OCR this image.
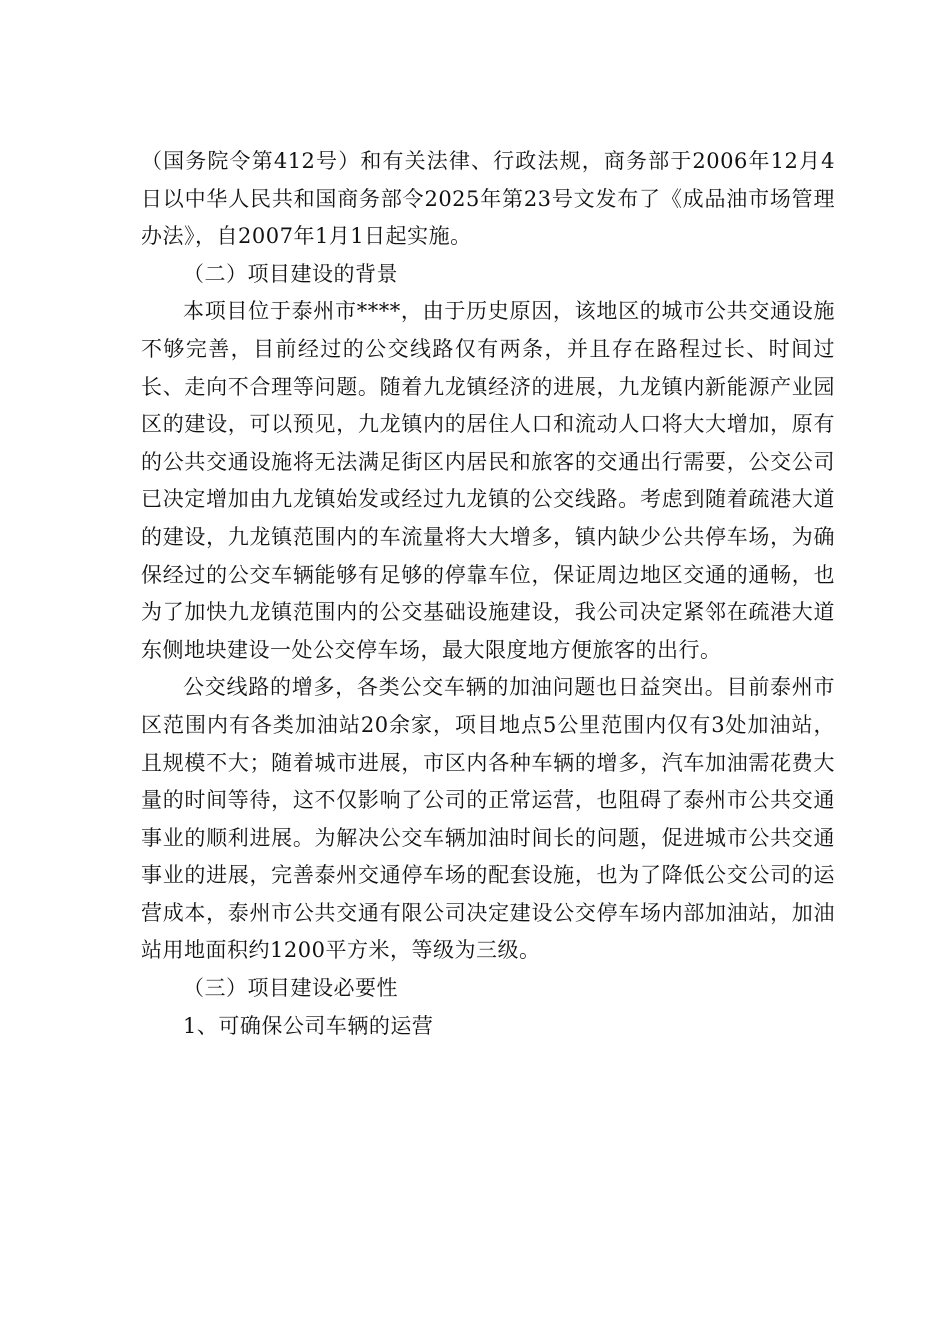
（国务院令第412号）和有关法律、行政法规，商务部于2006年12月4日以中华人民共和国商务部令2025年第23号文发布了《成品油市场管理办法》，自2007年1月1日起实施。

（二）项目建设的背景

本项目位于泰州市****，由于历史原因，该地区的城市公共交通设施不够完善，目前经过的公交线路仅有两条，并且存在路程过长、时间过长、走向不合理等问题。随着九龙镇经济的进展，九龙镇内新能源产业园区的建设，可以预见，九龙镇内的居住人口和流动人口将大大增加，原有的公共交通设施将无法满足街区内居民和旅客的交通出行需要，公交公司已决定增加由九龙镇始发或经过九龙镇的公交线路。考虑到随着疏港大道的建设，九龙镇范围内的车流量将大大增多，镇内缺少公共停车场，为确保经过的公交车辆能够有足够的停靠车位，保证周边地区交通的通畅，也为了加快九龙镇范围内的公交基础设施建设，我公司决定紧邻在疏港大道东侧地块建设一处公交停车场，最大限度地方便旅客的出行。

公交线路的增多，各类公交车辆的加油问题也日益突出。目前泰州市区范围内有各类加油站20余家，项目地点5公里范围内仅有3处加油站，且规模不大；随着城市进展，市区内各种车辆的增多，汽车加油需花费大量的时间等待，这不仅影响了公司的正常运营，也阻碍了泰州市公共交通事业的顺利进展。为解决公交车辆加油时间长的问题，促进城市公共交通事业的进展，完善泰州交通停车场的配套设施，也为了降低公交公司的运营成本，泰州市公共交通有限公司决定建设公交停车场内部加油站，加油站用地面积约1200平方米，等级为三级。

（三）项目建设必要性

1、可确保公司车辆的运营
